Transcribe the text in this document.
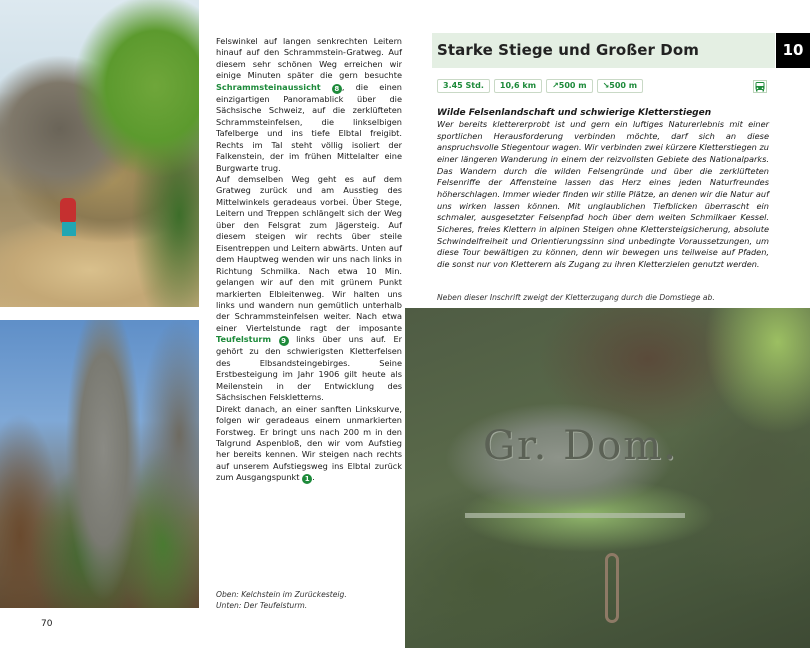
Felswinkel auf langen senkrechten Leitern hinauf auf den Schrammstein-Gratweg. Auf diesem sehr schönen Weg erreichen wir einige Minuten später die gern besuchte Schrammsteinaussicht 8 , die einen einzigartigen Panoramablick über die Sächsische Schweiz, auf die zerklüfteten Schrammsteinfelsen, die linkselbigen Tafelberge und ins tiefe Elbtal freigibt. Rechts im Tal steht völlig isoliert der Falkenstein, der im frühen Mittelalter eine Burgwarte trug.

Auf demselben Weg geht es auf dem Gratweg zurück und am Ausstieg des Mittelwinkels geradeaus vorbei. Über Stege, Leitern und Treppen schlängelt sich der Weg über den Felsgrat zum Jägersteig. Auf diesem steigen wir rechts über steile Eisentreppen und Leitern abwärts. Unten auf dem Hauptweg wenden wir uns nach links in Richtung Schmilka. Nach etwa 10 Min. gelangen wir auf den mit grünem Punkt markierten Elbleitenweg. Wir halten uns links und wandern nun gemütlich unterhalb der Schrammsteinfelsen weiter. Nach etwa einer Viertelstunde ragt der imposante Teufelsturm 9 links über uns auf. Er gehört zu den schwierigsten Kletterfelsen des Elbsandsteingebirges. Seine Erstbesteigung im Jahr 1906 gilt heute als Meilenstein in der Entwicklung des Sächsischen Felskletterns.

Direkt danach, an einer sanften Linkskurve, folgen wir geradeaus einem unmarkierten Forstweg. Er bringt uns nach 200 m in den Talgrund Aspenbloß, den wir vom Aufstieg her bereits kennen. Wir steigen nach rechts auf unserem Aufstiegsweg ins Elbtal zurück zum Ausgangspunkt 1 .

Oben: Kelchstein im Zurückesteig.
Unten: Der Teufelsturm.
70
Starke Stiege und Großer Dom	10
3.45 Std.	10,6 km	↗500 m	↘500 m
Wilde Felsenlandschaft und schwierige Kletterstiegen
Wer bereits klettererprobt ist und gern ein luftiges Naturerlebnis mit einer sportlichen Herausforderung verbinden möchte, darf sich an diese anspruchsvolle Stiegentour wagen. Wir verbinden zwei kürzere Kletterstiegen zu einer längeren Wanderung in einem der reizvollsten Gebiete des Nationalparks. Das Wandern durch die wilden Felsengründe und über die zerklüfteten Felsenriffe der Affensteine lassen das Herz eines jeden Naturfreundes höherschlagen. Immer wieder finden wir stille Plätze, an denen wir die Natur auf uns wirken lassen können. Mit unglaublichen Tiefblicken überrascht ein schmaler, ausgesetzter Felsenpfad hoch über dem weiten Schmilkaer Kessel. Sicheres, freies Klettern in alpinen Steigen ohne Klettersteigsicherung, absolute Schwindelfreiheit und Orientierungssinn sind unbedingte Voraussetzungen, um diese Tour bewältigen zu können, denn wir bewegen uns teilweise auf Pfaden, die sonst nur von Kletterern als Zugang zu ihren Kletterzielen genutzt werden.
Neben dieser Inschrift zweigt der Kletterzugang durch die Domstiege ab.
Gr. Dom.
